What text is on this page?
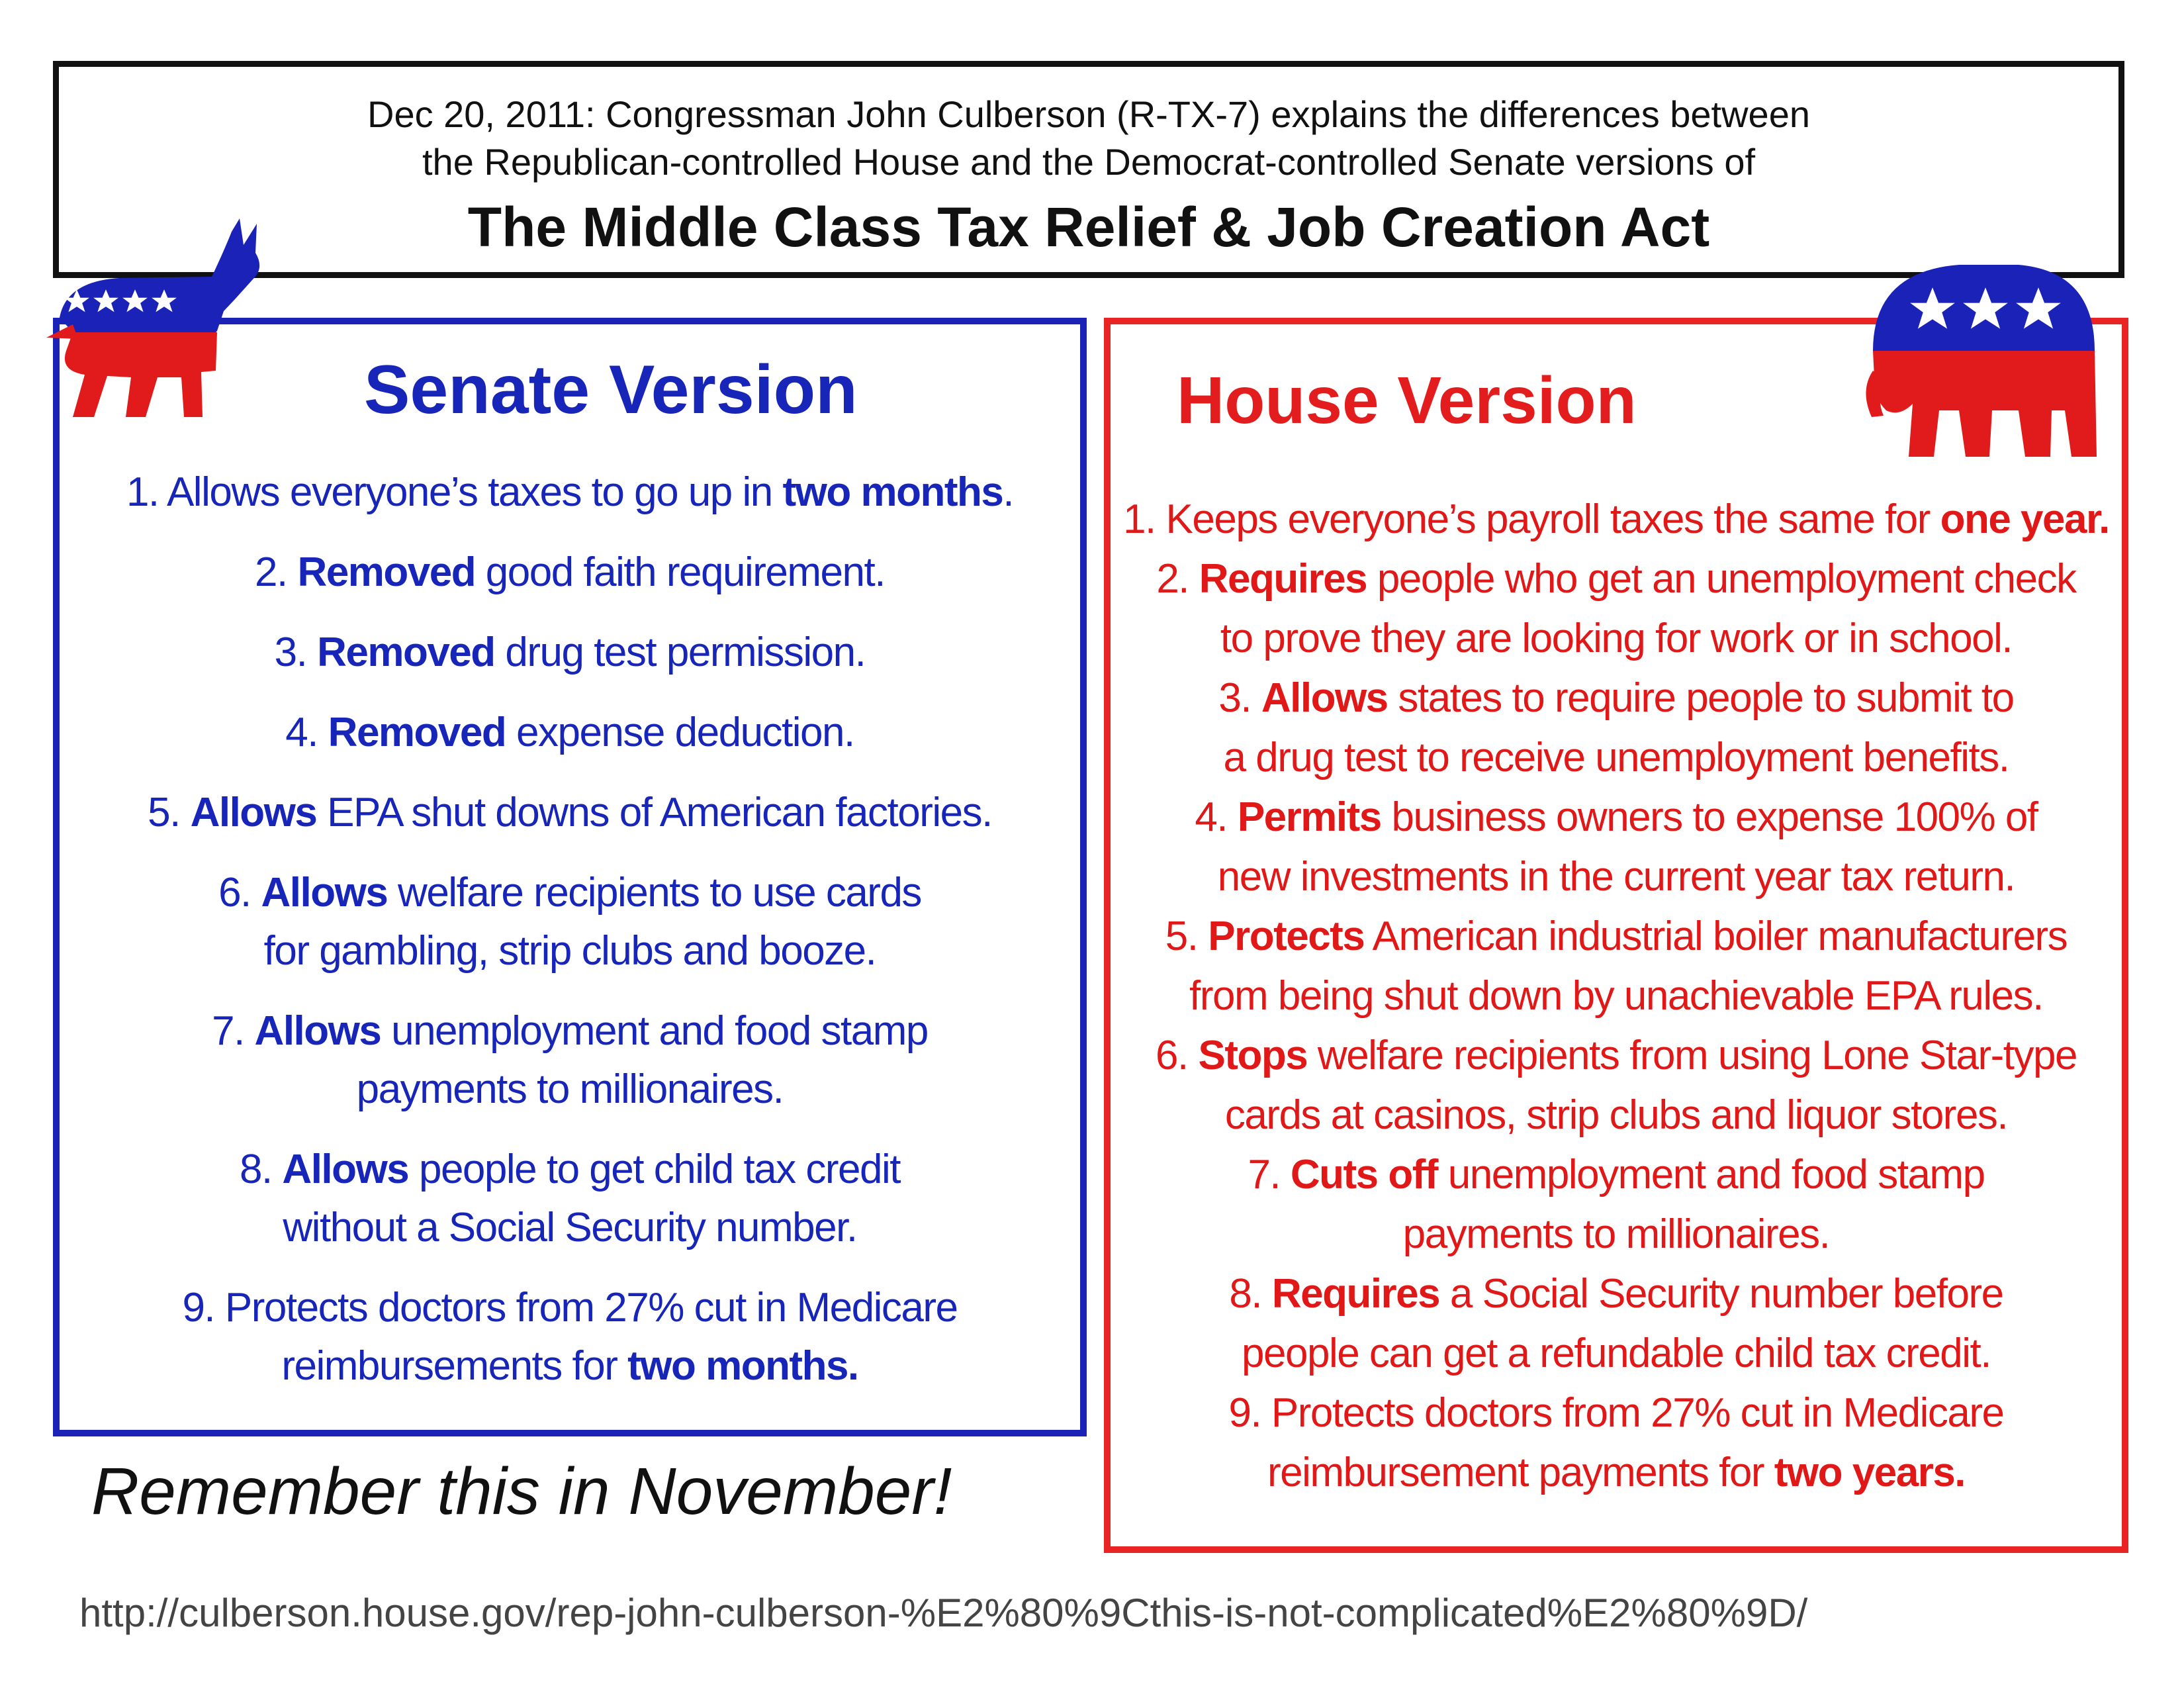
Dec 20, 2011: Congressman John Culberson (R-TX-7) explains the differences between
the Republican-controlled House and the Democrat-controlled Senate versions of
The Middle Class Tax Relief & Job Creation Act
Senate Version
1. Allows everyone’s taxes to go up in two months.
2. Removed good faith requirement.
3. Removed drug test permission.
4. Removed expense deduction.
5. Allows EPA shut downs of American factories.
6. Allows welfare recipients to use cards
for gambling, strip clubs and booze.
7. Allows unemployment and food stamp
payments to millionaires.
8. Allows people to get child tax credit
without a Social Security number.
9. Protects doctors from 27% cut in Medicare
reimbursements for two months.
House Version
1. Keeps everyone’s payroll taxes the same for one year.
2. Requires people who get an unemployment check
to prove they are looking for work or in school.
3. Allows states to require people to submit to
a drug test to receive unemployment benefits.
4. Permits business owners to expense 100% of
new investments in the current year tax return.
5. Protects American industrial boiler manufacturers
from being shut down by unachievable EPA rules.
6. Stops welfare recipients from using Lone Star-type
cards at casinos, strip clubs and liquor stores.
7. Cuts off unemployment and food stamp
payments to millionaires.
8. Requires a Social Security number before
people can get a refundable child tax credit.
9. Protects doctors from 27% cut in Medicare
reimbursement payments for two years.
Remember this in November!
http://culberson.house.gov/rep-john-culberson-%E2%80%9Cthis-is-not-complicated%E2%80%9D/
